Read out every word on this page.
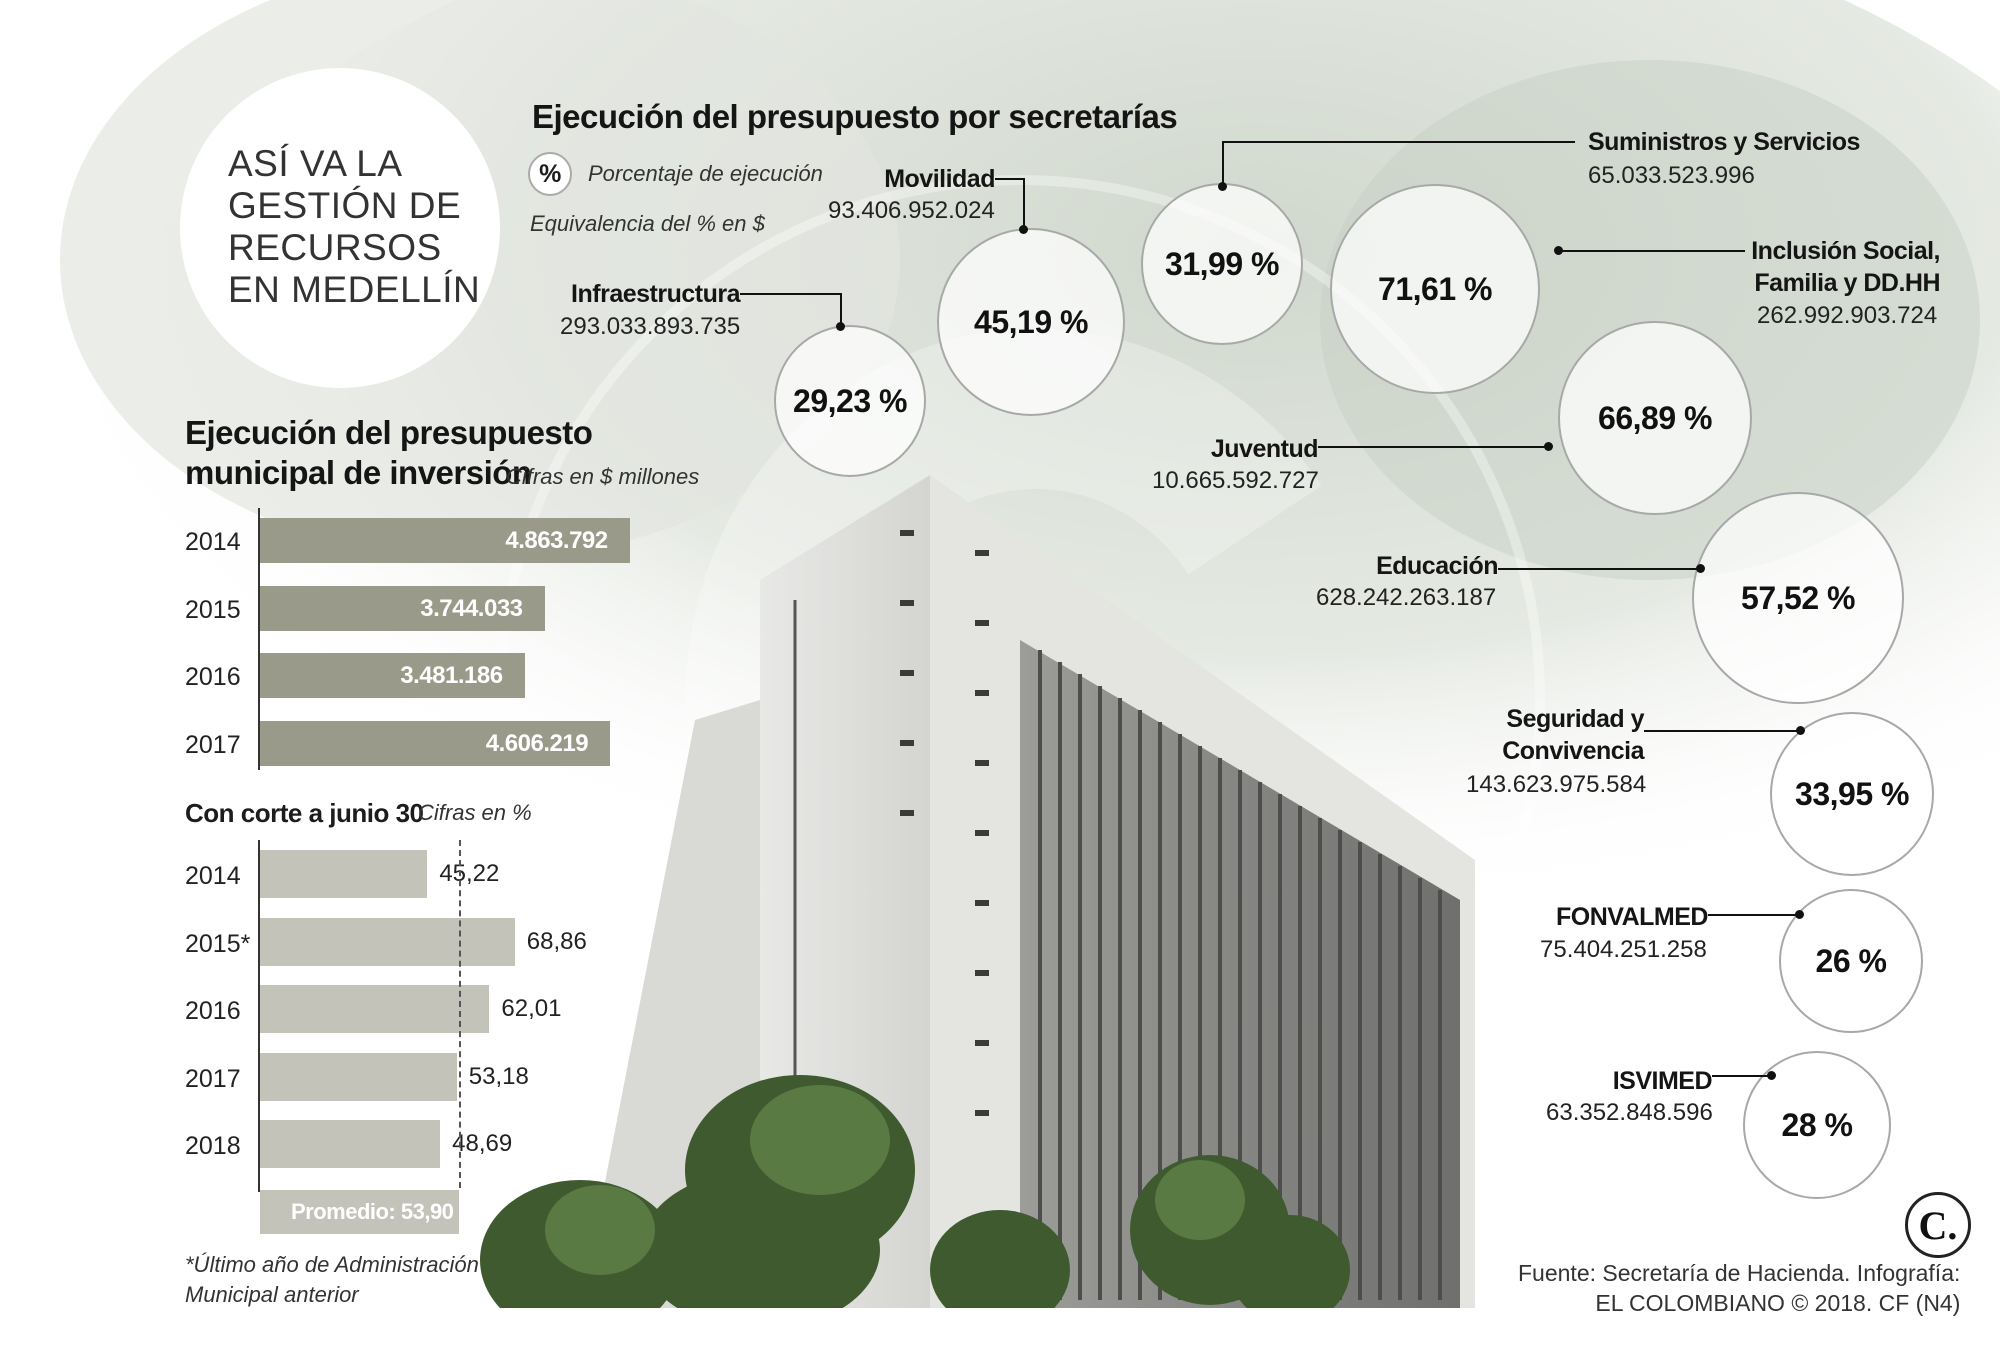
ASÍ VA LA
GESTIÓN DE
RECURSOS
EN MEDELLÍN
Ejecución del presupuesto por secretarías
% Porcentaje de ejecución
Equivalencia del % en $
Ejecución del presupuesto
municipal de inversión
Cifras en $ millones
2014	4.863.792
2015	3.744.033
2016	3.481.186
2017	4.606.219
Con corte a junio 30
Cifras en %
2014	45,22
2015*	68,86
2016	62,01
2017	53,18
2018	48,69
Promedio: 53,90
*Último año de Administración
Municipal anterior
29,23 %
Infraestructura
293.033.893.735	45,19 %
Movilidad
93.406.952.024
31,99 %
Suministros y Servicios
65.033.523.996
71,61 %
Inclusión Social,
Familia y DD.HH
262.992.903.724
66,89 %
Juventud
10.665.592.727
57,52 %
Educación
628.242.263.187
33,95 %
Seguridad y
Convivencia
143.623.975.584
26 %
FONVALMED
75.404.251.258
28 %
ISVIMED
63.352.848.596
Fuente: Secretaría de Hacienda. Infografía:
EL COLOMBIANO © 2018. CF (N4)
C.
